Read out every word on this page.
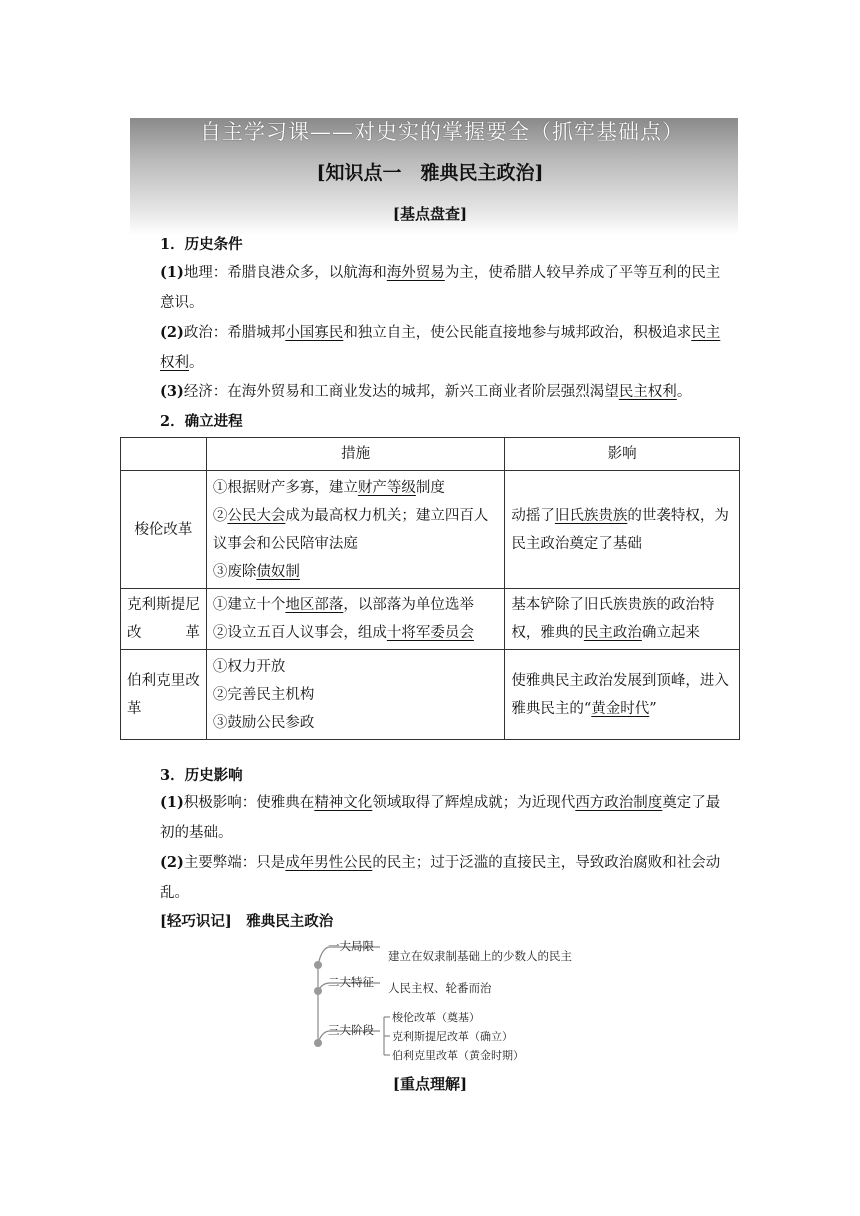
自主学习课——对史实的掌握要全（抓牢基础点）
[知识点一　雅典民主政治]
[基点盘查]
1．历史条件
(1)地理：希腊良港众多，以航海和海外贸易为主，使希腊人较早养成了平等互利的民主意识。
(2)政治：希腊城邦小国寡民和独立自主，使公民能直接地参与城邦政治，积极追求民主权利。
(3)经济：在海外贸易和工商业发达的城邦，新兴工商业者阶层强烈渴望民主权利。
2．确立进程
	措施	影响
梭伦改革	①根据财产多寡，建立财产等级制度
②公民大会成为最高权力机关；建立四百人议事会和公民陪审法庭
③废除债奴制	动摇了旧氏族贵族的世袭特权，为民主政治奠定了基础
克利斯提尼改革	①建立十个地区部落，以部落为单位选举
②设立五百人议事会，组成十将军委员会	基本铲除了旧氏族贵族的政治特权，雅典的民主政治确立起来
伯利克里改革	①权力开放
②完善民主机构
③鼓励公民参政	使雅典民主政治发展到顶峰，进入雅典民主的“黄金时代”
3．历史影响
(1)积极影响：使雅典在精神文化领域取得了辉煌成就；为近现代西方政治制度奠定了最初的基础。
(2)主要弊端：只是成年男性公民的民主；过于泛滥的直接民主，导致政治腐败和社会动乱。
[轻巧识记]　 雅典民主政治
一大局限
建立在奴隶制基础上的少数人的民主
二大特征 人民主权、轮番而治
三大阶段
梭伦改革（奠基）
克利斯提尼改革（确立）
伯利克里改革（黄金时期）
[重点理解]
